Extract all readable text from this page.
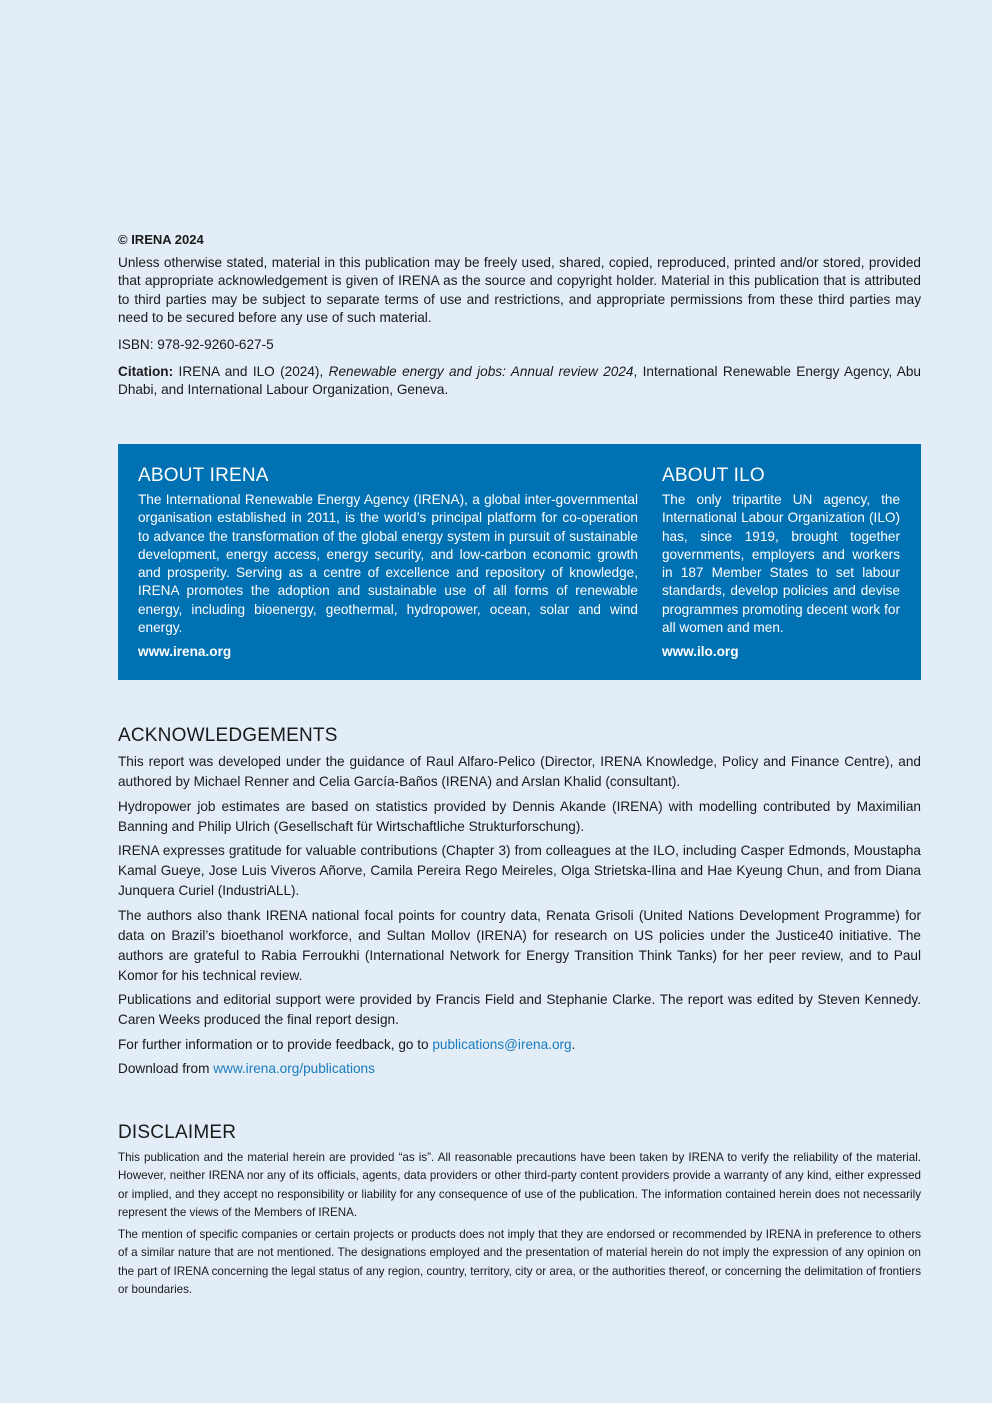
© IRENA 2024

Unless otherwise stated, material in this publication may be freely used, shared, copied, reproduced, printed and/or stored, provided that appropriate acknowledgement is given of IRENA as the source and copyright holder. Material in this publication that is attributed to third parties may be subject to separate terms of use and restrictions, and appropriate permissions from these third parties may need to be secured before any use of such material.

ISBN: 978-92-9260-627-5

Citation: IRENA and ILO (2024), Renewable energy and jobs: Annual review 2024, International Renewable Energy Agency, Abu Dhabi, and International Labour Organization, Geneva.

ABOUT IRENA

The International Renewable Energy Agency (IRENA), a global inter-governmental organisation established in 2011, is the world’s principal platform for co-operation to advance the transformation of the global energy system in pursuit of sustainable development, energy access, energy security, and low-carbon economic growth and prosperity. Serving as a centre of excellence and repository of knowledge, IRENA promotes the adoption and sustainable use of all forms of renewable energy, including bioenergy, geothermal, hydropower, ocean, solar and wind energy.

www.irena.org
ABOUT ILO

The only tripartite UN agency, the International Labour Organization (ILO) has, since 1919, brought together governments, employers and workers in 187 Member States to set labour standards, develop policies and devise programmes promoting decent work for all women and men.

www.ilo.org
ACKNOWLEDGEMENTS

This report was developed under the guidance of Raul Alfaro-Pelico (Director, IRENA Knowledge, Policy and Finance Centre), and authored by Michael Renner and Celia García-Baños (IRENA) and Arslan Khalid (consultant).

Hydropower job estimates are based on statistics provided by Dennis Akande (IRENA) with modelling contributed by Maximilian Banning and Philip Ulrich (Gesellschaft für Wirtschaftliche Strukturforschung).

IRENA expresses gratitude for valuable contributions (Chapter 3) from colleagues at the ILO, including Casper Edmonds, Moustapha Kamal Gueye, Jose Luis Viveros Añorve, Camila Pereira Rego Meireles, Olga Strietska-Ilina and Hae Kyeung Chun, and from Diana Junquera Curiel (IndustriALL).

The authors also thank IRENA national focal points for country data, Renata Grisoli (United Nations Development Programme) for data on Brazil’s bioethanol workforce, and Sultan Mollov (IRENA) for research on US policies under the Justice40 initiative. The authors are grateful to Rabia Ferroukhi (International Network for Energy Transition Think Tanks) for her peer review, and to Paul Komor for his technical review.

Publications and editorial support were provided by Francis Field and Stephanie Clarke. The report was edited by Steven Kennedy. Caren Weeks produced the final report design.

For further information or to provide feedback, go to publications@irena.org.

Download from www.irena.org/publications

DISCLAIMER

This publication and the material herein are provided “as is”. All reasonable precautions have been taken by IRENA to verify the reliability of the material. However, neither IRENA nor any of its officials, agents, data providers or other third-party content providers provide a warranty of any kind, either expressed or implied, and they accept no responsibility or liability for any consequence of use of the publication. The information contained herein does not necessarily represent the views of the Members of IRENA.

The mention of specific companies or certain projects or products does not imply that they are endorsed or recommended by IRENA in preference to others of a similar nature that are not mentioned. The designations employed and the presentation of material herein do not imply the expression of any opinion on the part of IRENA concerning the legal status of any region, country, territory, city or area, or the authorities thereof, or concerning the delimitation of frontiers or boundaries.
